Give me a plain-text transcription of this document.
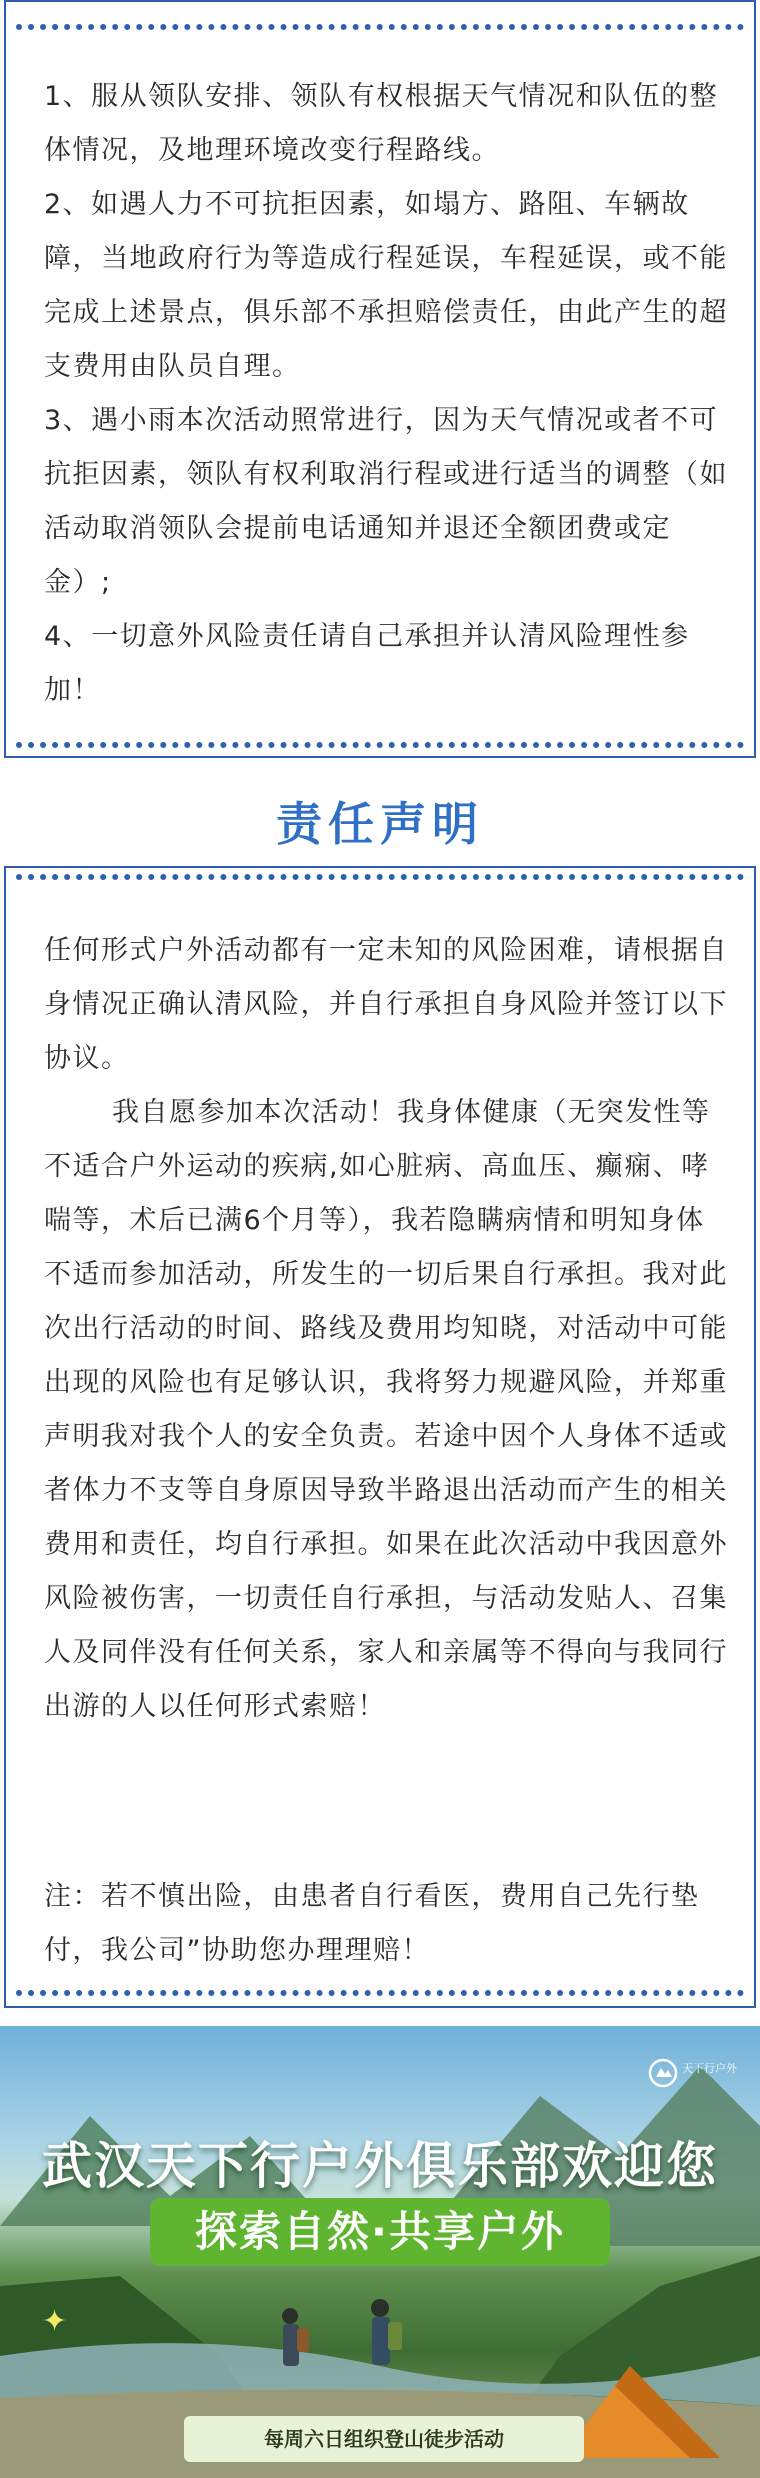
1、服从领队安排、领队有权根据天气情况和队伍的整体情况，及地理环境改变行程路线。

2、如遇人力不可抗拒因素，如塌方、路阻、车辆故障，当地政府行为等造成行程延误，车程延误，或不能完成上述景点，俱乐部不承担赔偿责任，由此产生的超支费用由队员自理。

3、遇小雨本次活动照常进行，因为天气情况或者不可抗拒因素，领队有权利取消行程或进行适当的调整（如活动取消领队会提前电话通知并退还全额团费或定金）;

4、一切意外风险责任请自己承担并认清风险理性参加！

责任声明

任何形式户外活动都有一定未知的风险困难，请根据自身情况正确认清风险，并自行承担自身风险并签订以下协议。

我自愿参加本次活动！我身体健康（无突发性等不适合户外运动的疾病,如心脏病、高血压、癫痫、哮喘等，术后已满6个月等），我若隐瞒病情和明知身体不适而参加活动，所发生的一切后果自行承担。我对此次出行活动的时间、路线及费用均知晓，对活动中可能出现的风险也有足够认识，我将努力规避风险，并郑重声明我对我个人的安全负责。若途中因个人身体不适或者体力不支等自身原因导致半路退出活动而产生的相关费用和责任，均自行承担。如果在此次活动中我因意外风险被伤害，一切责任自行承担，与活动发贴人、召集人及同伴没有任何关系，家人和亲属等不得向与我同行出游的人以任何形式索赔！

注：若不慎出险，由患者自行看医，费用自己先行垫付，我公司”协助您办理理赔！

✦
天下行户外
武汉天下行户外俱乐部欢迎您
探索自然·共享户外
每周六日组织登山徒步活动
